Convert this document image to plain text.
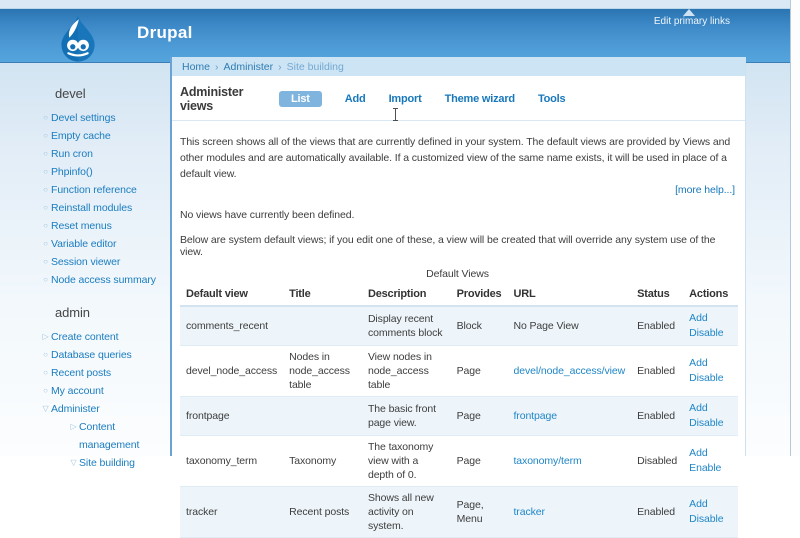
Drupal
Edit primary links
devel
○ Devel settings
○ Empty cache
○ Run cron
○ Phpinfo()
○ Function reference
○ Reinstall modules
○ Reset menus
○ Variable editor
○ Session viewer
○ Node access summary
admin
▷ Create content
○ Database queries
○ Recent posts
○ My account
▽ Administer
▷ Content management
▽ Site building
Home › Administer › Site building
Administer views	List	Add Import Theme wizard Tools

This screen shows all of the views that are currently defined in your system. The default views are provided by Views and other modules and are automatically available. If a customized view of the same name exists, it will be used in place of a default view.

[more help...]

No views have currently been defined.

Below are system default views; if you edit one of these, a view will be created that will override any system use of the view.

Default Views
Default view	Title	Description	Provides	URL	Status	Actions
comments_recent		Display recent comments block	Block	No Page View	Enabled	Add
Disable

devel_node_access	Nodes in node_access table	View nodes in node_access table	Page	devel/node_access/view	Enabled	Add
Disable

frontpage		The basic front page view.	Page	frontpage	Enabled	Add
Disable

taxonomy_term	Taxonomy	The taxonomy view with a depth of 0.	Page	taxonomy/term	Disabled	Add
Enable

tracker	Recent posts	Shows all new activity on system.	Page, Menu	tracker	Enabled	Add
Disable
